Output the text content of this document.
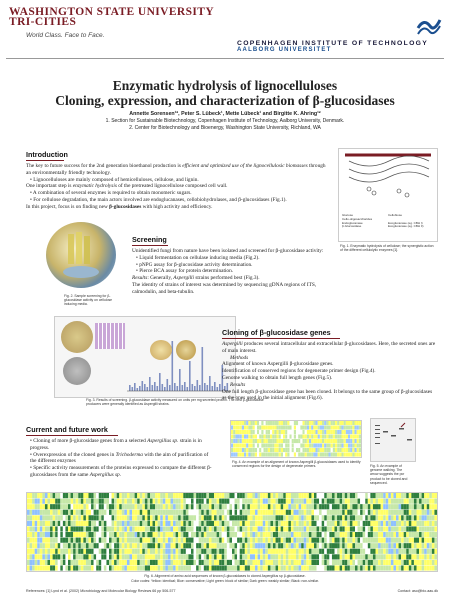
WASHINGTON STATE UNIVERSITY
TRI-CITIES
World Class. Face to Face.
COPENHAGEN INSTITUTE OF TECHNOLOGY
AALBORG UNIVERSITET
Enzymatic hydrolysis of lignocelluloses
Cloning, expression, and characterization of β-glucosidases
Annette Sorensen¹², Peter S. Lübeck¹, Mette Lübeck¹ and Birgitte K. Ahring¹²
1. Section for Sustainable Biotechnology, Copenhagen Institute of Technology, Aalborg University, Denmark.
2. Center for Biotechnology and Bioenergy, Washington State University, Richland, WA
Introduction
The key to future success for the 2nd generation bioethanol production is efficient and optimized use of the lignocellulosic biomasses through an environmentally friendly technology.
• Lignocelluloses are mainly composed of hemicelluloses, cellulose, and lignin.
One important step is enzymatic hydrolysis of the pretreated lignocellulose composed cell wall.
• A combination of several enzymes is required to obtain monomeric sugars.
• For cellulose degradation, the main actors involved are endoglucanases, cellobiohydrolases, and β-glucosidases (Fig.1).
In this project, focus is on finding new β-glucosidases with high activity and efficiency.
Glucose	Cellobiose
Cello-oligosaccharides
Endoglucanase	Exoglucanase (eg. CBH I)
β-Glucosidase	Exoglucanase (eg. CBH II)
Fig. 1. Enzymatic hydrolysis of cellulose; the synergistic action of the different cellulolytic enzymes [1].
Fig. 2. Sample screening for β-glucosidase activity on cellulose inducing media.
Screening
Unidentified fungi from nature have been isolated and screened for β-glucosidase activity:
• Liquid fermentation on cellulase inducing media (Fig.2).
• pNPG assay for β-glucosidase activity determination.
• Pierce BCA assay for protein determination.
Results: Generally, Aspergilli strains performed best (Fig.3).
The identity of strains of interest was determined by sequencing gDNA regions of ITS, calmodulin, and beta-tubulin.
Fig. 3. Results of screening. β-glucosidase activity measured on units per mg secreted protein. The best β-glucosidase producers were generally identified as Aspergilli strains.
Cloning of β-glucosidase genes
Aspergilli produces several intracellular and extracellular β-glucosidases. Here, the secreted ones are of main interest.
Methods
Alignment of known Aspergilli β-glucosidase genes.
Identification of conserved regions for degenerate primer design (Fig.4).
Genome walking to obtain full length genes (Fig.5).
Results
One full length β-glucosidase gene has been cloned. It belongs to the same group of β-glucosidases as the ones used in the initial alignment (Fig.6).
Fig. 4. An example of an alignment of known Aspergilli β-glucosidases used to identify conserved regions for the design of degenerate primers.	Fig. 5. An example of genome walking. The arrow suggests the pcr product to be cloned and sequenced.
Current and future work
• Cloning of more β-glucosidase genes from a selected Aspergillus sp. strain is in progress.
• Overexpression of the cloned genes in Trichoderma with the aim of purification of the different enzymes
• Specific activity measurements of the proteins expressed to compare the different β-glucosidases from the same Aspergillus sp.
Fig. 6. Alignment of amino acid sequences of known β-glucosidases to cloned Aspergillus sp β-glucosidase.
Color codes: Yellow: identical; Blue: conservative; Light green: block of similar; Dark green: weakly similar; Black: non-similar.
References: [1] Lynd et al. (2002) Microbiology and Molecular Biology Reviews 66 pp 506-577	Contact: aso@bio.aau.dk
